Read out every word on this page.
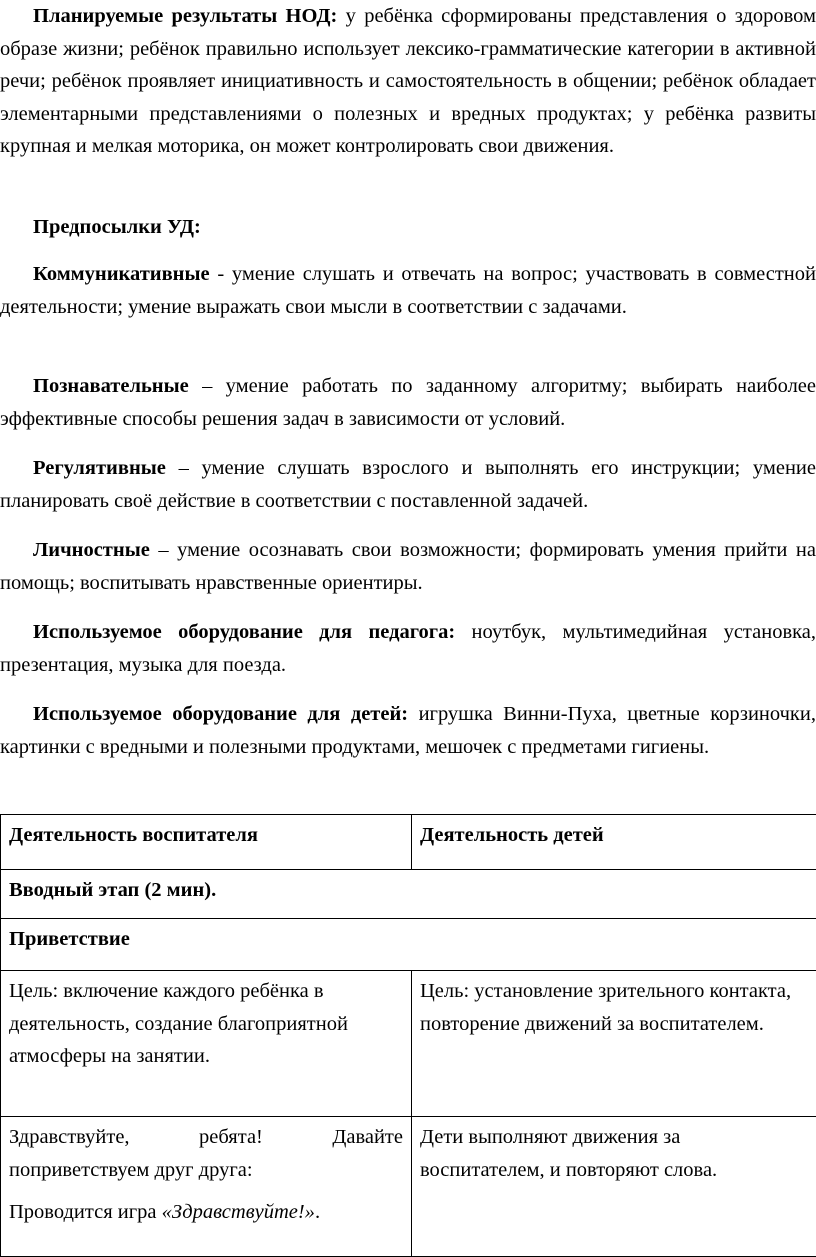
Планируемые результаты НОД: у ребёнка сформированы представления о здоровом образе жизни; ребёнок правильно использует лексико-грамматические категории в активной речи; ребёнок проявляет инициативность и самостоятельность в общении; ребёнок обладает элементарными представлениями о полезных и вредных продуктах; у ребёнка развиты крупная и мелкая моторика, он может контролировать свои движения.

Предпосылки УД:

Коммуникативные - умение слушать и отвечать на вопрос; участвовать в совместной деятельности; умение выражать свои мысли в соответствии с задачами.

Познавательные – умение работать по заданному алгоритму; выбирать наиболее эффективные способы решения задач в зависимости от условий.

Регулятивные – умение слушать взрослого и выполнять его инструкции; умение планировать своё действие в соответствии с поставленной задачей.

Личностные – умение осознавать свои возможности; формировать умения прийти на помощь; воспитывать нравственные ориентиры.

Используемое оборудование для педагога: ноутбук, мультимедийная установка, презентация, музыка для поезда.

Используемое оборудование для детей: игрушка Винни-Пуха, цветные корзиночки, картинки с вредными и полезными продуктами, мешочек с предметами гигиены.

Деятельность воспитателя	Деятельность детей
Вводный этап (2 мин).	
Приветствие	
Цель: включение каждого ребёнка в деятельность, создание благоприятной атмосферы на занятии.	Цель: установление зрительного контакта, повторение движений за воспитателем.

Здравствуйте, ребята! Давайте поприветствуем друг друга:
Проводится игра «Здравствуйте!».	Дети выполняют движения за воспитателем, и повторяют слова.
